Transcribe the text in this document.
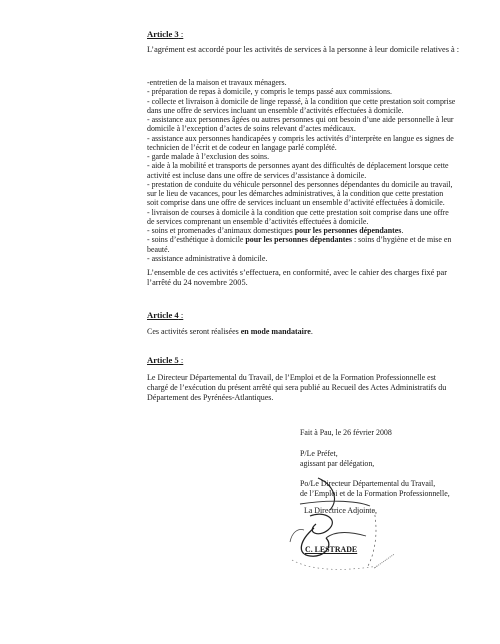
Article 3 :
L’agrément est accordé pour les activités de services à la personne à leur domicile relatives à :
-entretien de la maison et travaux ménagers.
- préparation de repas à domicile, y compris le temps passé aux commissions.
- collecte et livraison à domicile de linge repassé, à la condition que cette prestation soit comprise
dans une offre de services incluant un ensemble d’activités effectuées à domicile.
- assistance aux personnes âgées ou autres personnes qui ont besoin d’une aide personnelle à leur
domicile à l’exception d’actes de soins relevant d’actes médicaux.
- assistance aux personnes handicapées y compris les activités d’interprète en langue es signes de
technicien de l’écrit et de codeur en langage parlé complété.
- garde malade à l’exclusion des soins.
- aide à la mobilité et transports de personnes ayant des difficultés de déplacement lorsque cette
activité est incluse dans une offre de services d’assistance à domicile.
- prestation de conduite du véhicule personnel des personnes dépendantes du domicile au travail,
sur le lieu de vacances, pour les démarches administratives, à la condition que cette prestation
soit comprise dans une offre de services incluant un ensemble d’activité effectuées à domicile.
- livraison de courses à domicile à la condition que cette prestation soit comprise dans une offre
de services comprenant un ensemble d’activités effectuées à domicile.
- soins et promenades d’animaux domestiques pour les personnes dépendantes.
- soins d’esthétique à domicile pour les personnes dépendantes : soins d’hygiène et de mise en
beauté.
- assistance administrative à domicile.
L’ensemble de ces activités s’effectuera, en conformité, avec le cahier des charges fixé par
l’arrêté du 24 novembre 2005.
Article 4 :
Ces activités seront réalisées en mode mandataire.
Article 5 :
Le Directeur Départemental du Travail, de l’Emploi et de la Formation Professionnelle est
chargé de l’exécution du présent arrêté qui sera publié au Recueil des Actes Administratifs du
Département des Pyrénées-Atlantiques.
Fait à Pau, le 26 février 2008
P/Le Préfet,
agissant par délégation,
Po/Le Directeur Départemental du Travail,
de l’Emploi et de la Formation Professionnelle,
La Directrice Adjointe,
C. LESTRADE
